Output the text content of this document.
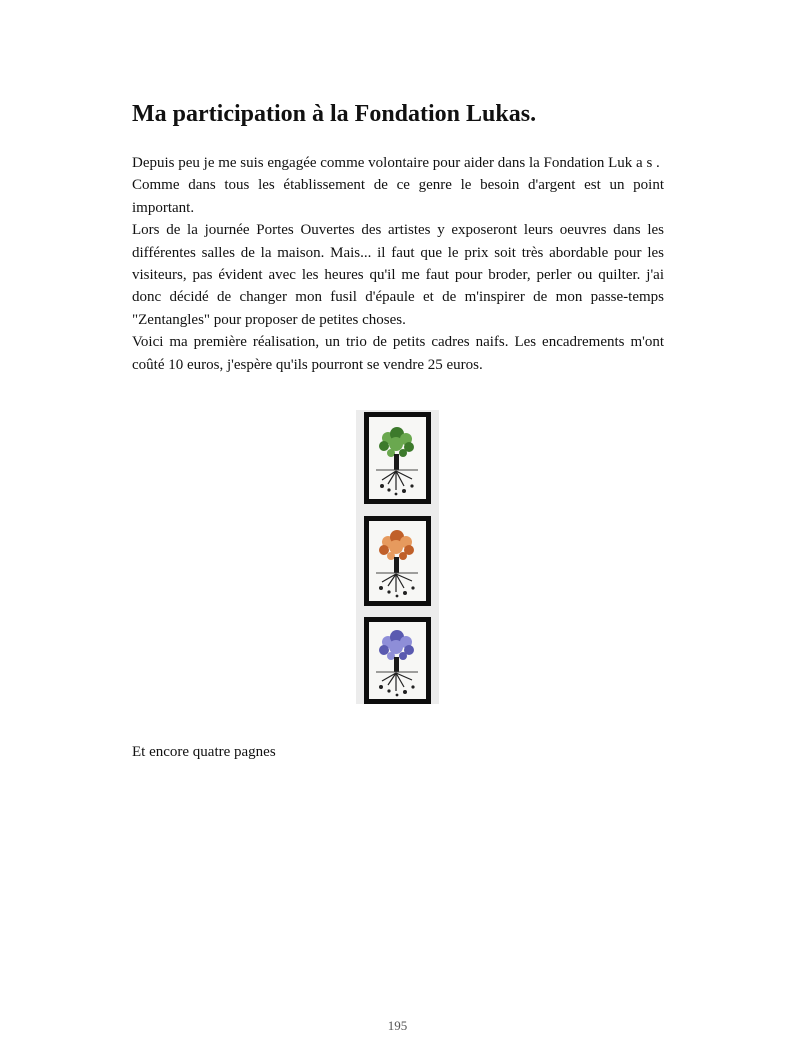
Ma participation à la Fondation Lukas.

Depuis peu je me suis engagée comme volontaire pour aider dans la Fondation Luk a s .

Comme dans tous les établissement de ce genre le besoin d'argent est un point important.

Lors de la journée Portes Ouvertes des artistes y exposeront leurs oeuvres dans les différentes salles de la maison. Mais... il faut que le prix soit très abordable pour les visiteurs, pas évident avec les heures qu'il me faut pour broder, perler ou quilter. j'ai donc décidé de changer mon fusil d'épaule et de m'inspirer de mon passe-temps "Zentangles" pour proposer de petites choses.

Voici ma première réalisation, un trio de petits cadres naifs. Les encadrements m'ont coûté 10 euros, j'espère qu'ils pourront se vendre 25 euros.

Et encore quatre pagnes

195
